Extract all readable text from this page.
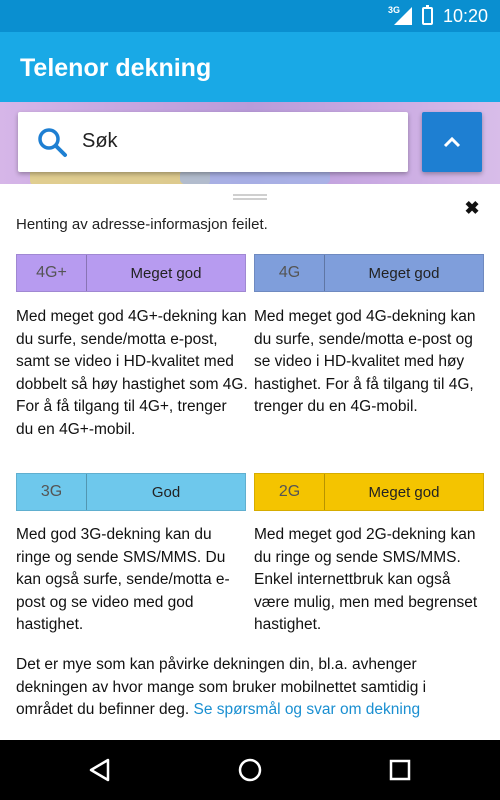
3G 10:20
Telenor dekning
Søk
✖
Henting av adresse-informasjon feilet.
4G+	Meget god
Med meget god 4G+-dekning kan du surfe, sende/motta e-post, samt se video i HD-kvalitet med dobbelt så høy hastighet som 4G. For å få tilgang til 4G+, trenger du en 4G+-mobil.
4G	Meget god
Med meget god 4G-dekning kan du surfe, sende/motta e-post og se video i HD-kvalitet med høy hastighet. For å få tilgang til 4G, trenger du en 4G-mobil.
3G	God
Med god 3G-dekning kan du ringe og sende SMS/MMS. Du kan også surfe, sende/motta e-post og se video med god hastighet.
2G	Meget god
Med meget god 2G-dekning kan du ringe og sende SMS/MMS. Enkel internettbruk kan også være mulig, men med begrenset hastighet.
Det er mye som kan påvirke dekningen din, bl.a. avhenger dekningen av hvor mange som bruker mobilnettet samtidig i området du befinner deg. Se spørsmål og svar om dekning
